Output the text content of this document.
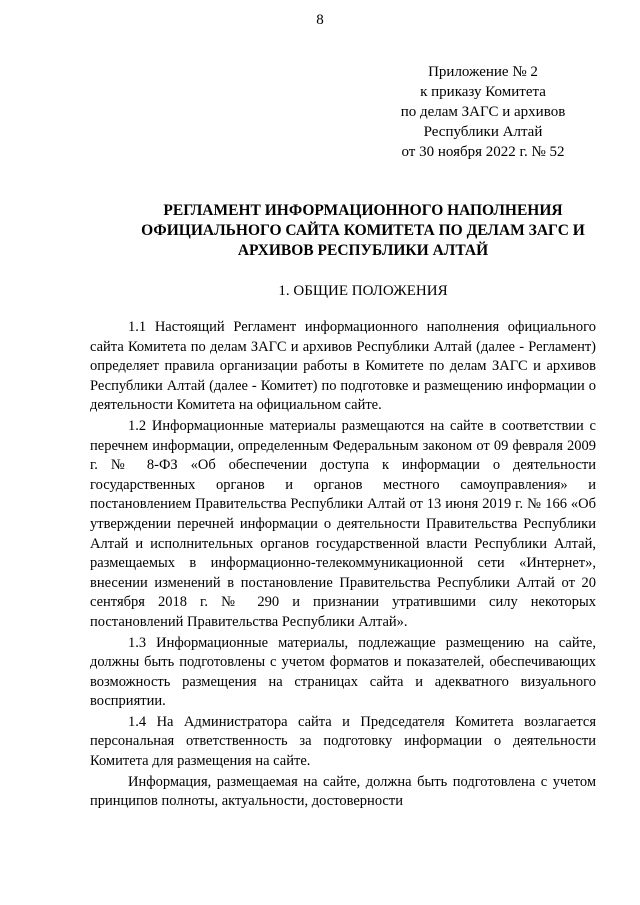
8
Приложение № 2
к приказу Комитета
по делам ЗАГС и архивов
Республики Алтай
от 30 ноября 2022 г. № 52
РЕГЛАМЕНТ ИНФОРМАЦИОННОГО НАПОЛНЕНИЯ
ОФИЦИАЛЬНОГО САЙТА КОМИТЕТА ПО ДЕЛАМ ЗАГС И
АРХИВОВ РЕСПУБЛИКИ АЛТАЙ
1. ОБЩИЕ ПОЛОЖЕНИЯ

1.1 Настоящий Регламент информационного наполнения официального сайта Комитета по делам ЗАГС и архивов Республики Алтай (далее - Регламент) определяет правила организации работы в Комитете по делам ЗАГС и архивов Республики Алтай (далее - Комитет) по подготовке и размещению информации о деятельности Комитета на официальном сайте.

1.2 Информационные материалы размещаются на сайте в соответствии с перечнем информации, определенным Федеральным законом от 09 февраля 2009 г. № 8-ФЗ «Об обеспечении доступа к информации о деятельности государственных органов и органов местного самоуправления» и постановлением Правительства Республики Алтай от 13 июня 2019 г. № 166 «Об утверждении перечней информации о деятельности Правительства Республики Алтай и исполнительных органов государственной власти Республики Алтай, размещаемых в информационно-телекоммуникационной сети «Интернет», внесении изменений в постановление Правительства Республики Алтай от 20 сентября 2018 г. № 290 и признании утратившими силу некоторых постановлений Правительства Республики Алтай».

1.3 Информационные материалы, подлежащие размещению на сайте, должны быть подготовлены с учетом форматов и показателей, обеспечивающих возможность размещения на страницах сайта и адекватного визуального восприятии.

1.4 На Администратора сайта и Председателя Комитета возлагается персональная ответственность за подготовку информации о деятельности Комитета для размещения на сайте.

Информация, размещаемая на сайте, должна быть подготовлена с учетом принципов полноты, актуальности, достоверности
